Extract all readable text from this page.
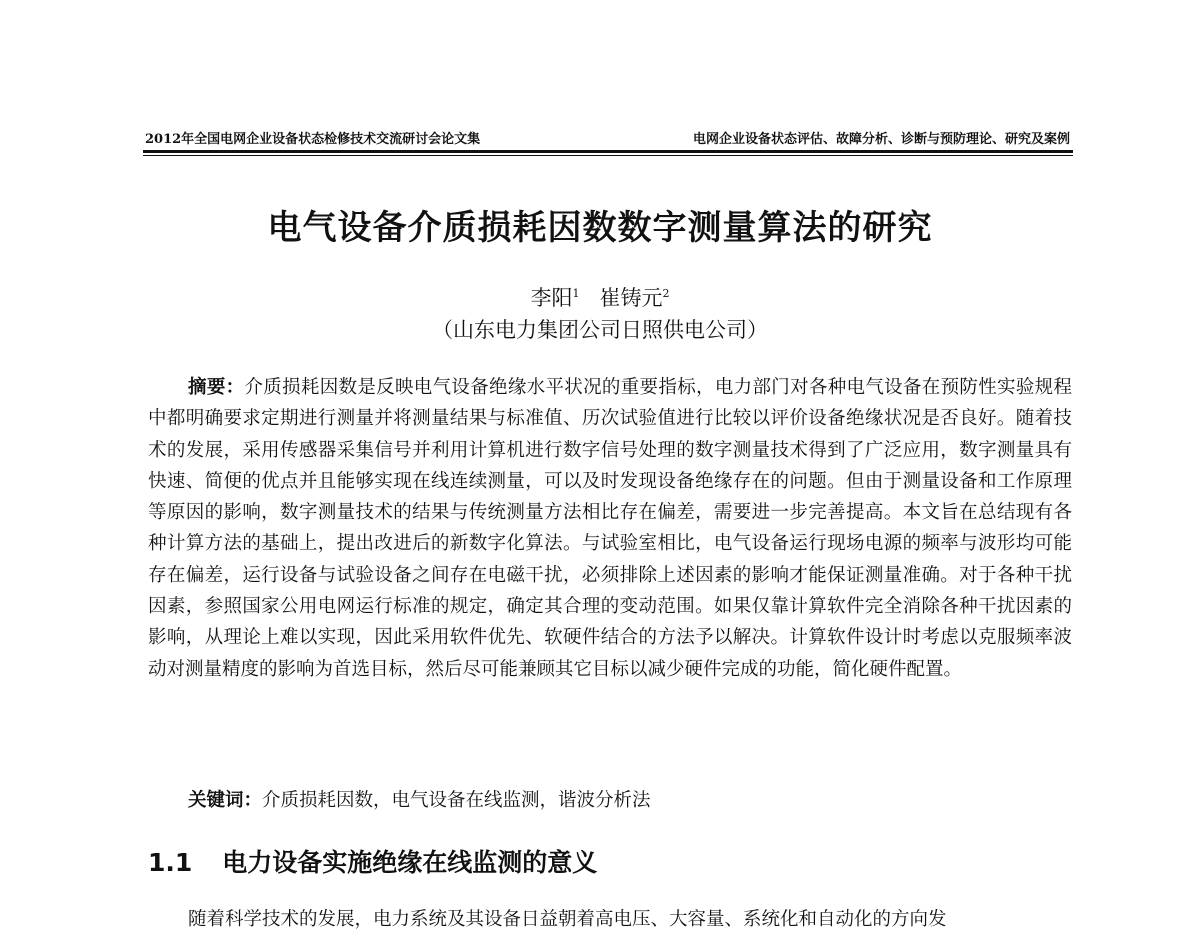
2012年全国电网企业设备状态检修技术交流研讨会论文集	电网企业设备状态评估、故障分析、诊断与预防理论、研究及案例
电气设备介质损耗因数数字测量算法的研究
李阳$^1$ 崔铸元$^2$
（山东电力集团公司日照供电公司）

摘要：介质损耗因数是反映电气设备绝缘水平状况的重要指标，电力部门对各种电气设备在预防性实验规程中都明确要求定期进行测量并将测量结果与标准值、历次试验值进行比较以评价设备绝缘状况是否良好。随着技术的发展，采用传感器采集信号并利用计算机进行数字信号处理的数字测量技术得到了广泛应用，数字测量具有快速、简便的优点并且能够实现在线连续测量，可以及时发现设备绝缘存在的问题。但由于测量设备和工作原理等原因的影响，数字测量技术的结果与传统测量方法相比存在偏差，需要进一步完善提高。本文旨在总结现有各种计算方法的基础上，提出改进后的新数字化算法。与试验室相比，电气设备运行现场电源的频率与波形均可能存在偏差，运行设备与试验设备之间存在电磁干扰，必须排除上述因素的影响才能保证测量准确。对于各种干扰因素，参照国家公用电网运行标准的规定，确定其合理的变动范围。如果仅靠计算软件完全消除各种干扰因素的影响，从理论上难以实现，因此采用软件优先、软硬件结合的方法予以解决。计算软件设计时考虑以克服频率波动对测量精度的影响为首选目标，然后尽可能兼顾其它目标以减少硬件完成的功能，简化硬件配置。

关键词：介质损耗因数，电气设备在线监测，谐波分析法
1.1 电力设备实施绝缘在线监测的意义
随着科学技术的发展，电力系统及其设备日益朝着高电压、大容量、系统化和自动化的方向发
